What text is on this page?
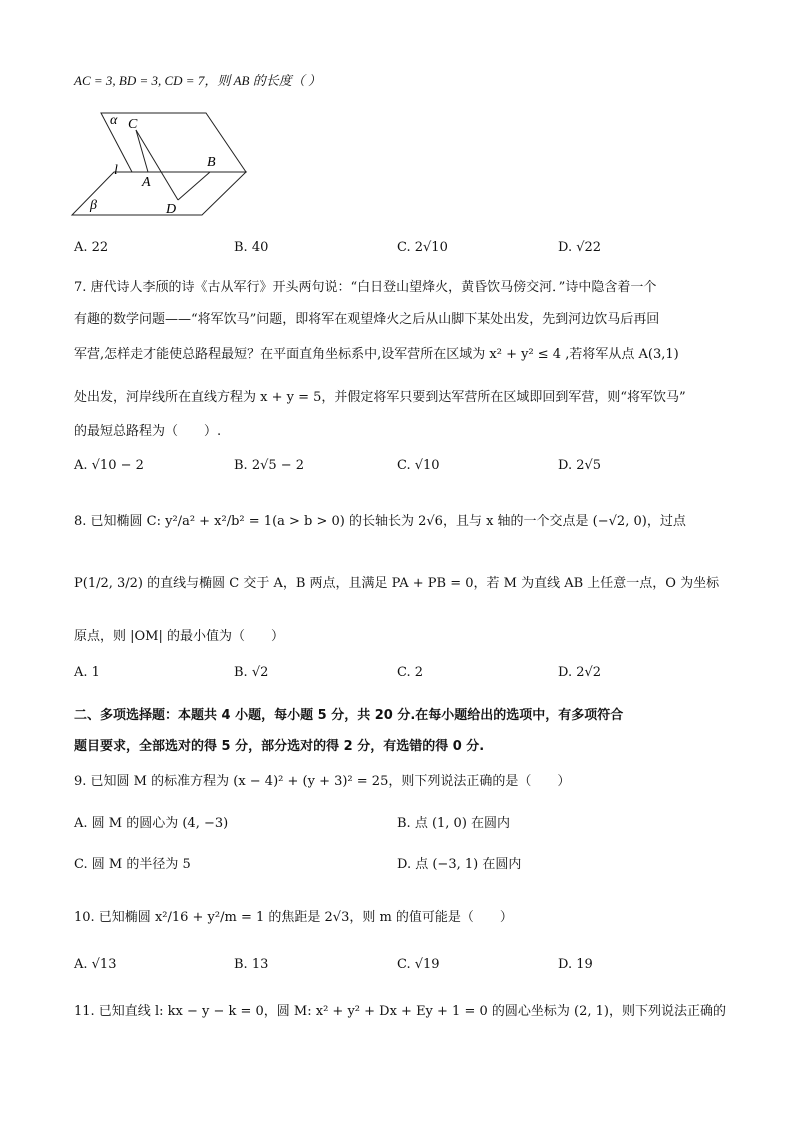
AC = 3, BD = 3, CD = 7，则 AB 的长度（ ）
α C
l
A
B
D
β
A. 22	B. 40	C. 2√10	D. √22
7. 唐代诗人李颀的诗《古从军行》开头两句说：“白日登山望烽火，黄昏饮马傍交河．”诗中隐含着一个
有趣的数学问题——“将军饮马”问题，即将军在观望烽火之后从山脚下某处出发，先到河边饮马后再回
军营,怎样走才能使总路程最短？在平面直角坐标系中,设军营所在区域为 x² + y² ≤ 4 ,若将军从点 A(3,1)
处出发，河岸线所在直线方程为 x + y = 5，并假定将军只要到达军营所在区域即回到军营，则“将军饮马”
的最短总路程为（　　）.
A. √10 − 2	B. 2√5 − 2	C. √10	D. 2√5
8. 已知椭圆 C: y²/a² + x²/b² = 1(a > b > 0) 的长轴长为 2√6，且与 x 轴的一个交点是 (−√2, 0)，过点
P(1/2, 3/2) 的直线与椭圆 C 交于 A，B 两点，且满足 PA + PB = 0，若 M 为直线 AB 上任意一点，O 为坐标
原点，则 |OM| 的最小值为（　　）
A. 1	B. √2	C. 2	D. 2√2
二、多项选择题：本题共 4 小题，每小题 5 分，共 20 分.在每小题给出的选项中，有多项符合
题目要求，全部选对的得 5 分，部分选对的得 2 分，有选错的得 0 分.
9. 已知圆 M 的标准方程为 (x − 4)² + (y + 3)² = 25，则下列说法正确的是（　　）
A. 圆 M 的圆心为 (4, −3)	B. 点 (1, 0) 在圆内
C. 圆 M 的半径为 5	D. 点 (−3, 1) 在圆内
10. 已知椭圆 x²/16 + y²/m = 1 的焦距是 2√3，则 m 的值可能是（　　）
A. √13	B. 13	C. √19	D. 19
11. 已知直线 l: kx − y − k = 0，圆 M: x² + y² + Dx + Ey + 1 = 0 的圆心坐标为 (2, 1)，则下列说法正确的
